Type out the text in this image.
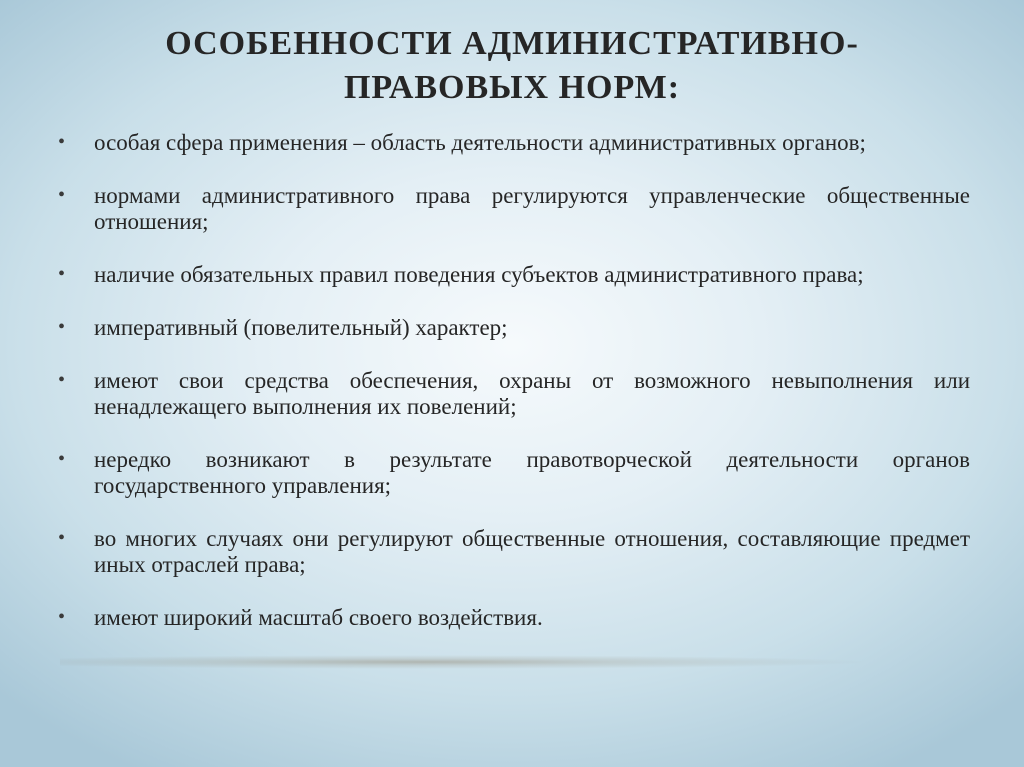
ОСОБЕННОСТИ АДМИНИСТРАТИВНО-
ПРАВОВЫХ НОРМ:
• особая сфера применения – область деятельности административных органов;
• нормами административного права регулируются управленческие общественные отношения;
• наличие обязательных правил поведения субъектов административного права;
• императивный (повелительный) характер;
• имеют свои средства обеспечения, охраны от возможного невыполнения или ненадлежащего выполнения их повелений;
• нередко возникают в результате правотворческой деятельности органов государственного управления;
• во многих случаях они регулируют общественные отношения, составляющие предмет иных отраслей права;
• имеют широкий масштаб своего воздействия.
